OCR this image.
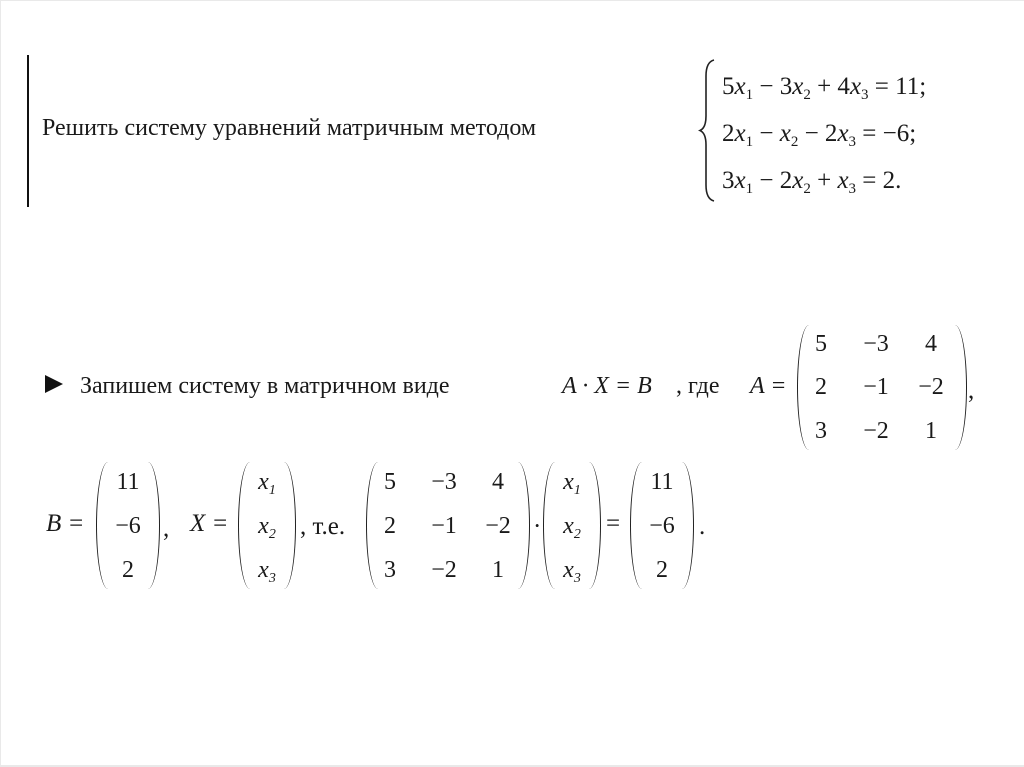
Решить систему уравнений матричным методом
$5x_1 - 3x_2 + 4x_3 = 11$;
$2x_1 - x_2 - 2x_3 = -6$;
$3x_1 - 2x_2 + x_3 = 2$.
Запишем систему в матричном виде	A · X = B , где A =
5 −3 4
2 −1 −2
3 −2 1
,
B =
11
−6
2
, X =
$x_1$
$x_2$
$x_3$
, т.е.
5 −3 4
2 −1 −2
3 −2 1
·
$x_1$
$x_2$
$x_3$
=
11
−6
2
.
